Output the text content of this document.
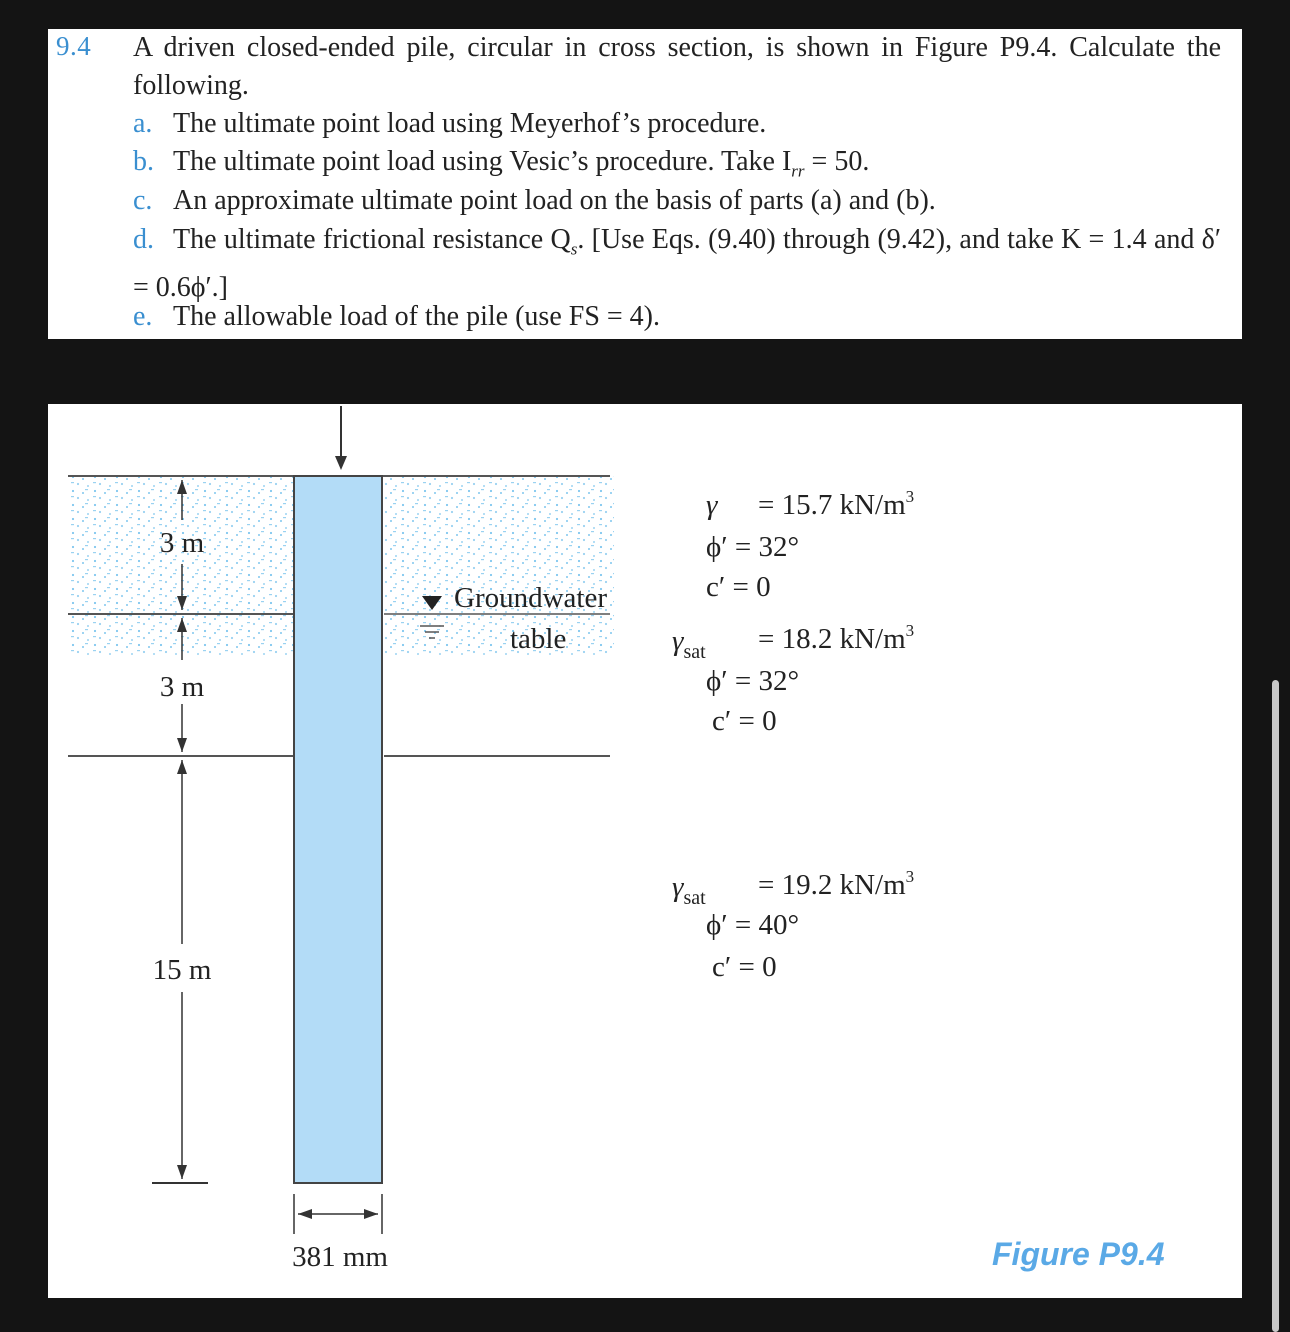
9.4 A driven closed-ended pile, circular in cross section, is shown in Figure P9.4. Calculate the following.

a. The ultimate point load using Meyerhof’s procedure.
b. The ultimate point load using Vesic’s procedure. Take $I_{rr} = 50$.
c. An approximate ultimate point load on the basis of parts (a) and (b).
d. The ultimate frictional resistance $Q_s$. [Use Eqs. (9.40) through (9.42), and take K = 1.4 and δ′ = 0.6ϕ′.]
e. The allowable load of the pile (use FS = 4).
3 m
3 m
15 m
381 mm
Groundwater
table
γ = 15.7 $kN/m^3$
ϕ′ = 32°
c′ = 0
$\gamma_{sat} = 18.2$ $kN/m^3$
ϕ′ = 32°
c′ = 0
$\gamma_{sat} = 19.2$ $kN/m^3$
ϕ′ = 40°
c′ = 0
Figure P9.4
